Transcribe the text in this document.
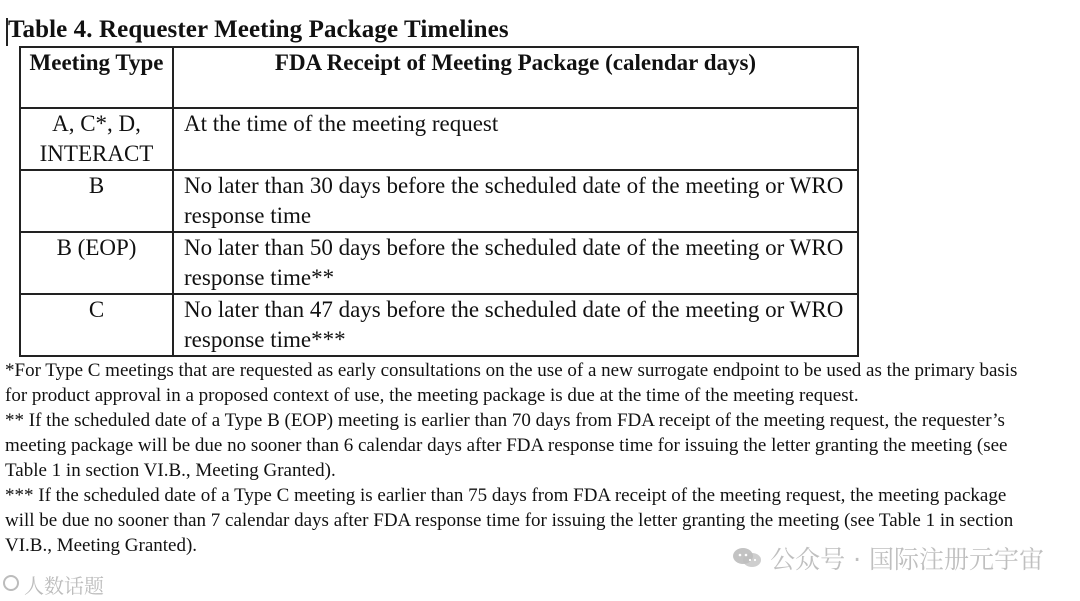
Table 4. Requester Meeting Package Timelines
Meeting Type	FDA Receipt of Meeting Package (calendar days)
A, C*, D, INTERACT	At the time of the meeting request
B	No later than 30 days before the scheduled date of the meeting or WRO response time
B (EOP)	No later than 50 days before the scheduled date of the meeting or WRO response time**
C	No later than 47 days before the scheduled date of the meeting or WRO response time***

*For Type C meetings that are requested as early consultations on the use of a new surrogate endpoint to be used as the primary basis for product approval in a proposed context of use, the meeting package is due at the time of the meeting request.

** If the scheduled date of a Type B (EOP) meeting is earlier than 70 days from FDA receipt of the meeting request, the requester’s meeting package will be due no sooner than 6 calendar days after FDA response time for issuing the letter granting the meeting (see Table 1 in section VI.B., Meeting Granted).

*** If the scheduled date of a Type C meeting is earlier than 75 days from FDA receipt of the meeting request, the meeting package will be due no sooner than 7 calendar days after FDA response time for issuing the letter granting the meeting (see Table 1 in section VI.B., Meeting Granted).

人数话题
公众号 · 国际注册元宇宙
